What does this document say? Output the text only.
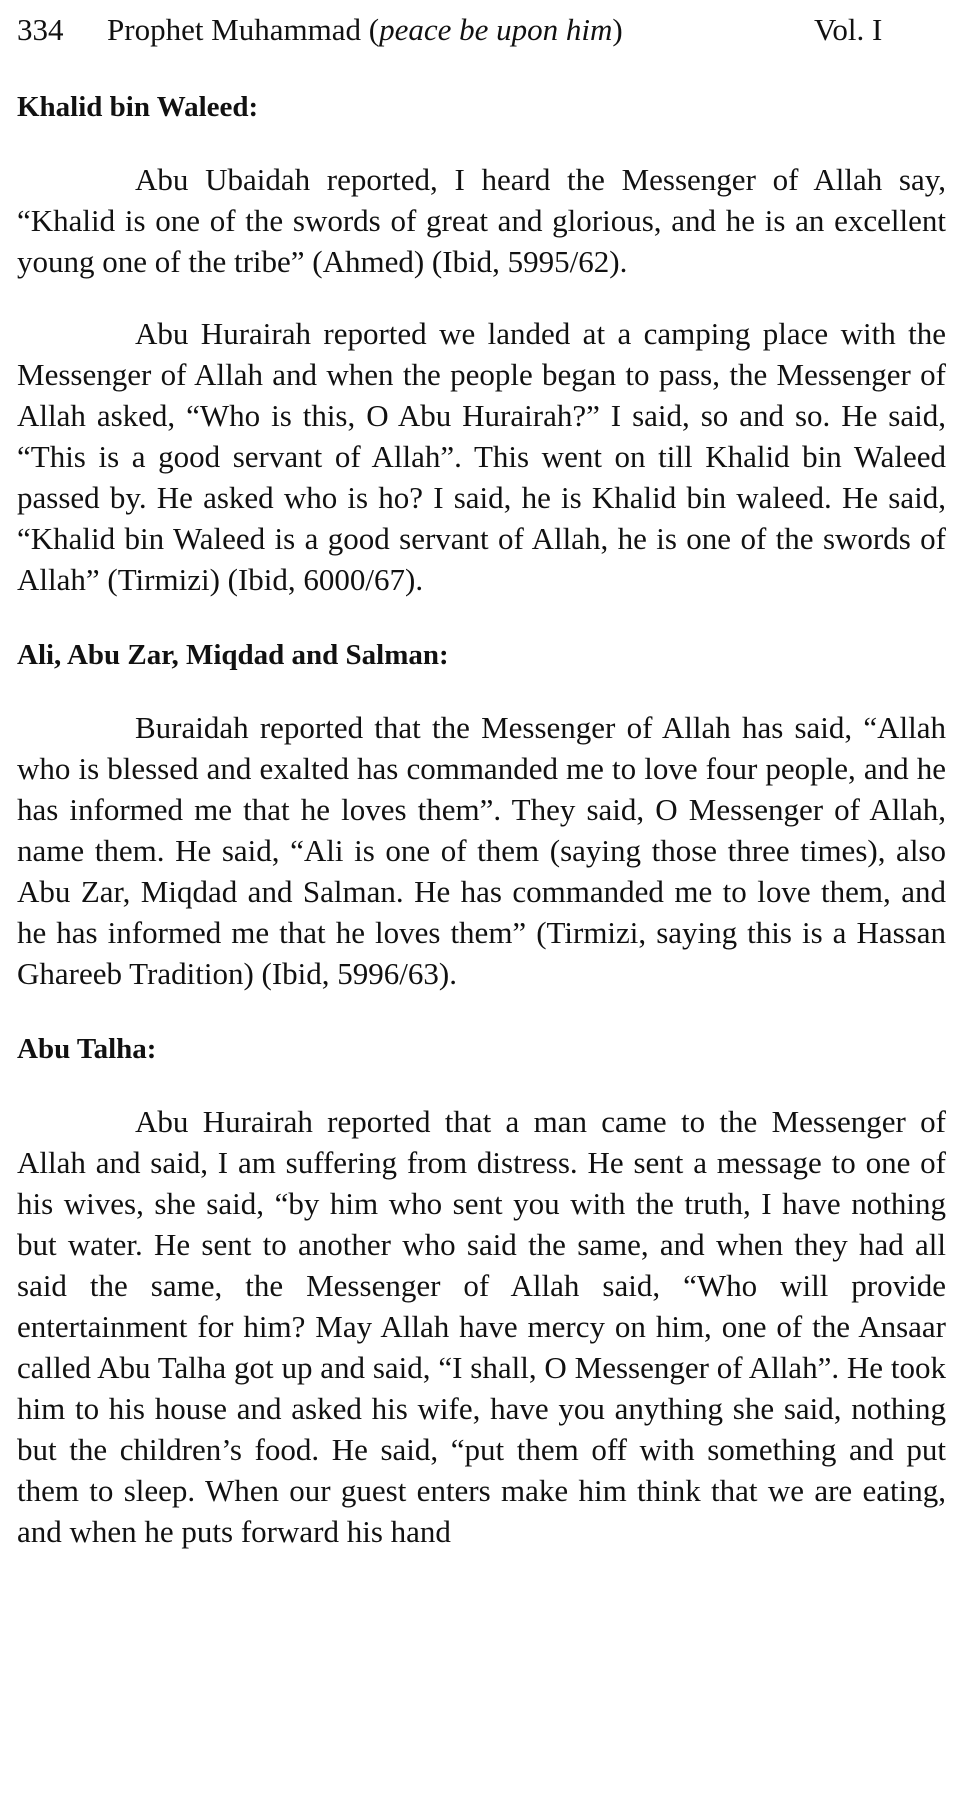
334 Prophet Muhammad (peace be upon him)	Vol. I
Khalid bin Waleed:

Abu Ubaidah reported, I heard the Messenger of Allah say, “Khalid is one of the swords of great and glorious, and he is an excellent young one of the tribe” (Ahmed) (Ibid, 5995/62).

Abu Hurairah reported we landed at a camping place with the Messenger of Allah and when the people began to pass, the Messenger of Allah asked, “Who is this, O Abu Hurairah?” I said, so and so. He said, “This is a good servant of Allah”. This went on till Khalid bin Waleed passed by. He asked who is ho? I said, he is Khalid bin waleed. He said, “Khalid bin Waleed is a good servant of Allah, he is one of the swords of Allah” (Tirmizi) (Ibid, 6000/67).

Ali, Abu Zar, Miqdad and Salman:

Buraidah reported that the Messenger of Allah has said, “Allah who is blessed and exalted has commanded me to love four people, and he has informed me that he loves them”. They said, O Messenger of Allah, name them. He said, “Ali is one of them (saying those three times), also Abu Zar, Miqdad and Salman. He has commanded me to love them, and he has informed me that he loves them” (Tirmizi, saying this is a Hassan Ghareeb Tradition) (Ibid, 5996/63).

Abu Talha:

Abu Hurairah reported that a man came to the Messenger of Allah and said, I am suffering from distress. He sent a message to one of his wives, she said, “by him who sent you with the truth, I have nothing but water. He sent to another who said the same, and when they had all said the same, the Messenger of Allah said, “Who will provide entertainment for him? May Allah have mercy on him, one of the Ansaar called Abu Talha got up and said, “I shall, O Messenger of Allah”. He took him to his house and asked his wife, have you anything she said, nothing but the children’s food. He said, “put them off with something and put them to sleep. When our guest enters make him think that we are eating, and when he puts forward his hand
